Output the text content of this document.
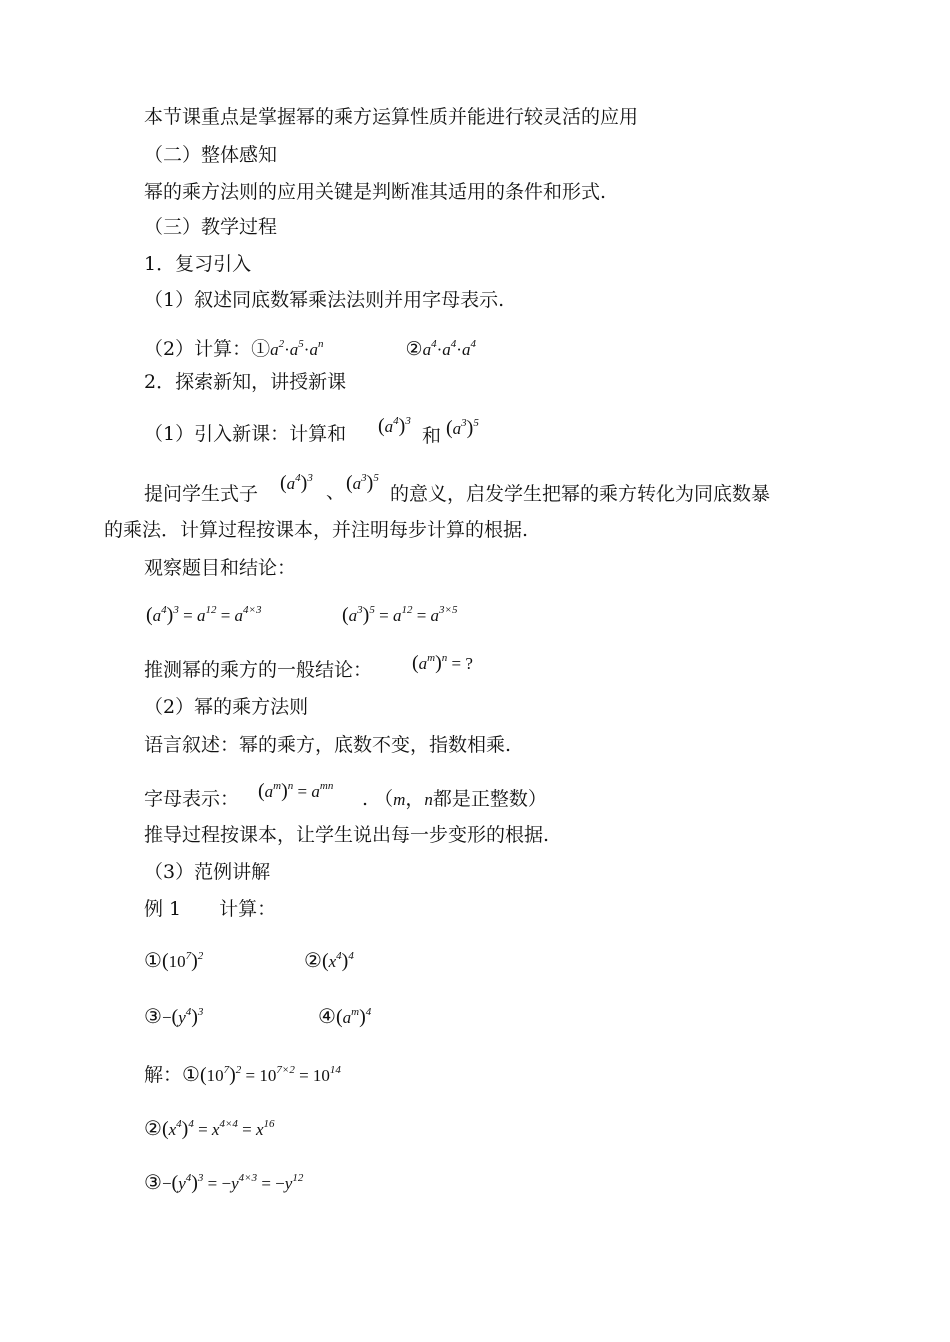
本节课重点是掌握幂的乘方运算性质并能进行较灵活的应用
（二）整体感知
幂的乘方法则的应用关键是判断准其适用的条件和形式.
（三）教学过程
1．复习引入
（1）叙述同底数幂乘法法则并用字母表示.
（2）计算：$①a^2\cdot a^5\cdot a^n$	$②a^4\cdot a^4\cdot a^4$
2．探索新知，讲授新课
（1）引入新课：计算和 $(a^4)^3$
和 $(a^3)^5$
提问学生式子 $(a^4)^3$
、 $(a^3)^5$
的意义，启发学生把幂的乘方转化为同底数暴
的乘法．计算过程按课本，并注明每步计算的根据.
观察题目和结论：
$(a^4)^3 = a^{12} = a^{4\times 3}$	$(a^3)^5 = a^{12} = a^{3\times 5}$
推测幂的乘方的一般结论： $(a^m)^n$ = ?
（2）幂的乘方法则
语言叙述：幂的乘方，底数不变，指数相乘.
字母表示： $(a^m)^n = a^{mn}$
. （m，n都是正整数）
推导过程按课本，让学生说出每一步变形的根据.
（3）范例讲解
例 1　　计算：
$①(10^7)^2$	$②(x^4)^4$
$③-(y^4)^3$	$④(a^m)^4$
解：$①(10^7)^2 = 10^{7\times 2} = 10^{14}$
$②(x^4)^4 = x^{4\times 4} = x^{16}$
$③-(y^4)^3 = -y^{4\times 3} = -y^{12}$
